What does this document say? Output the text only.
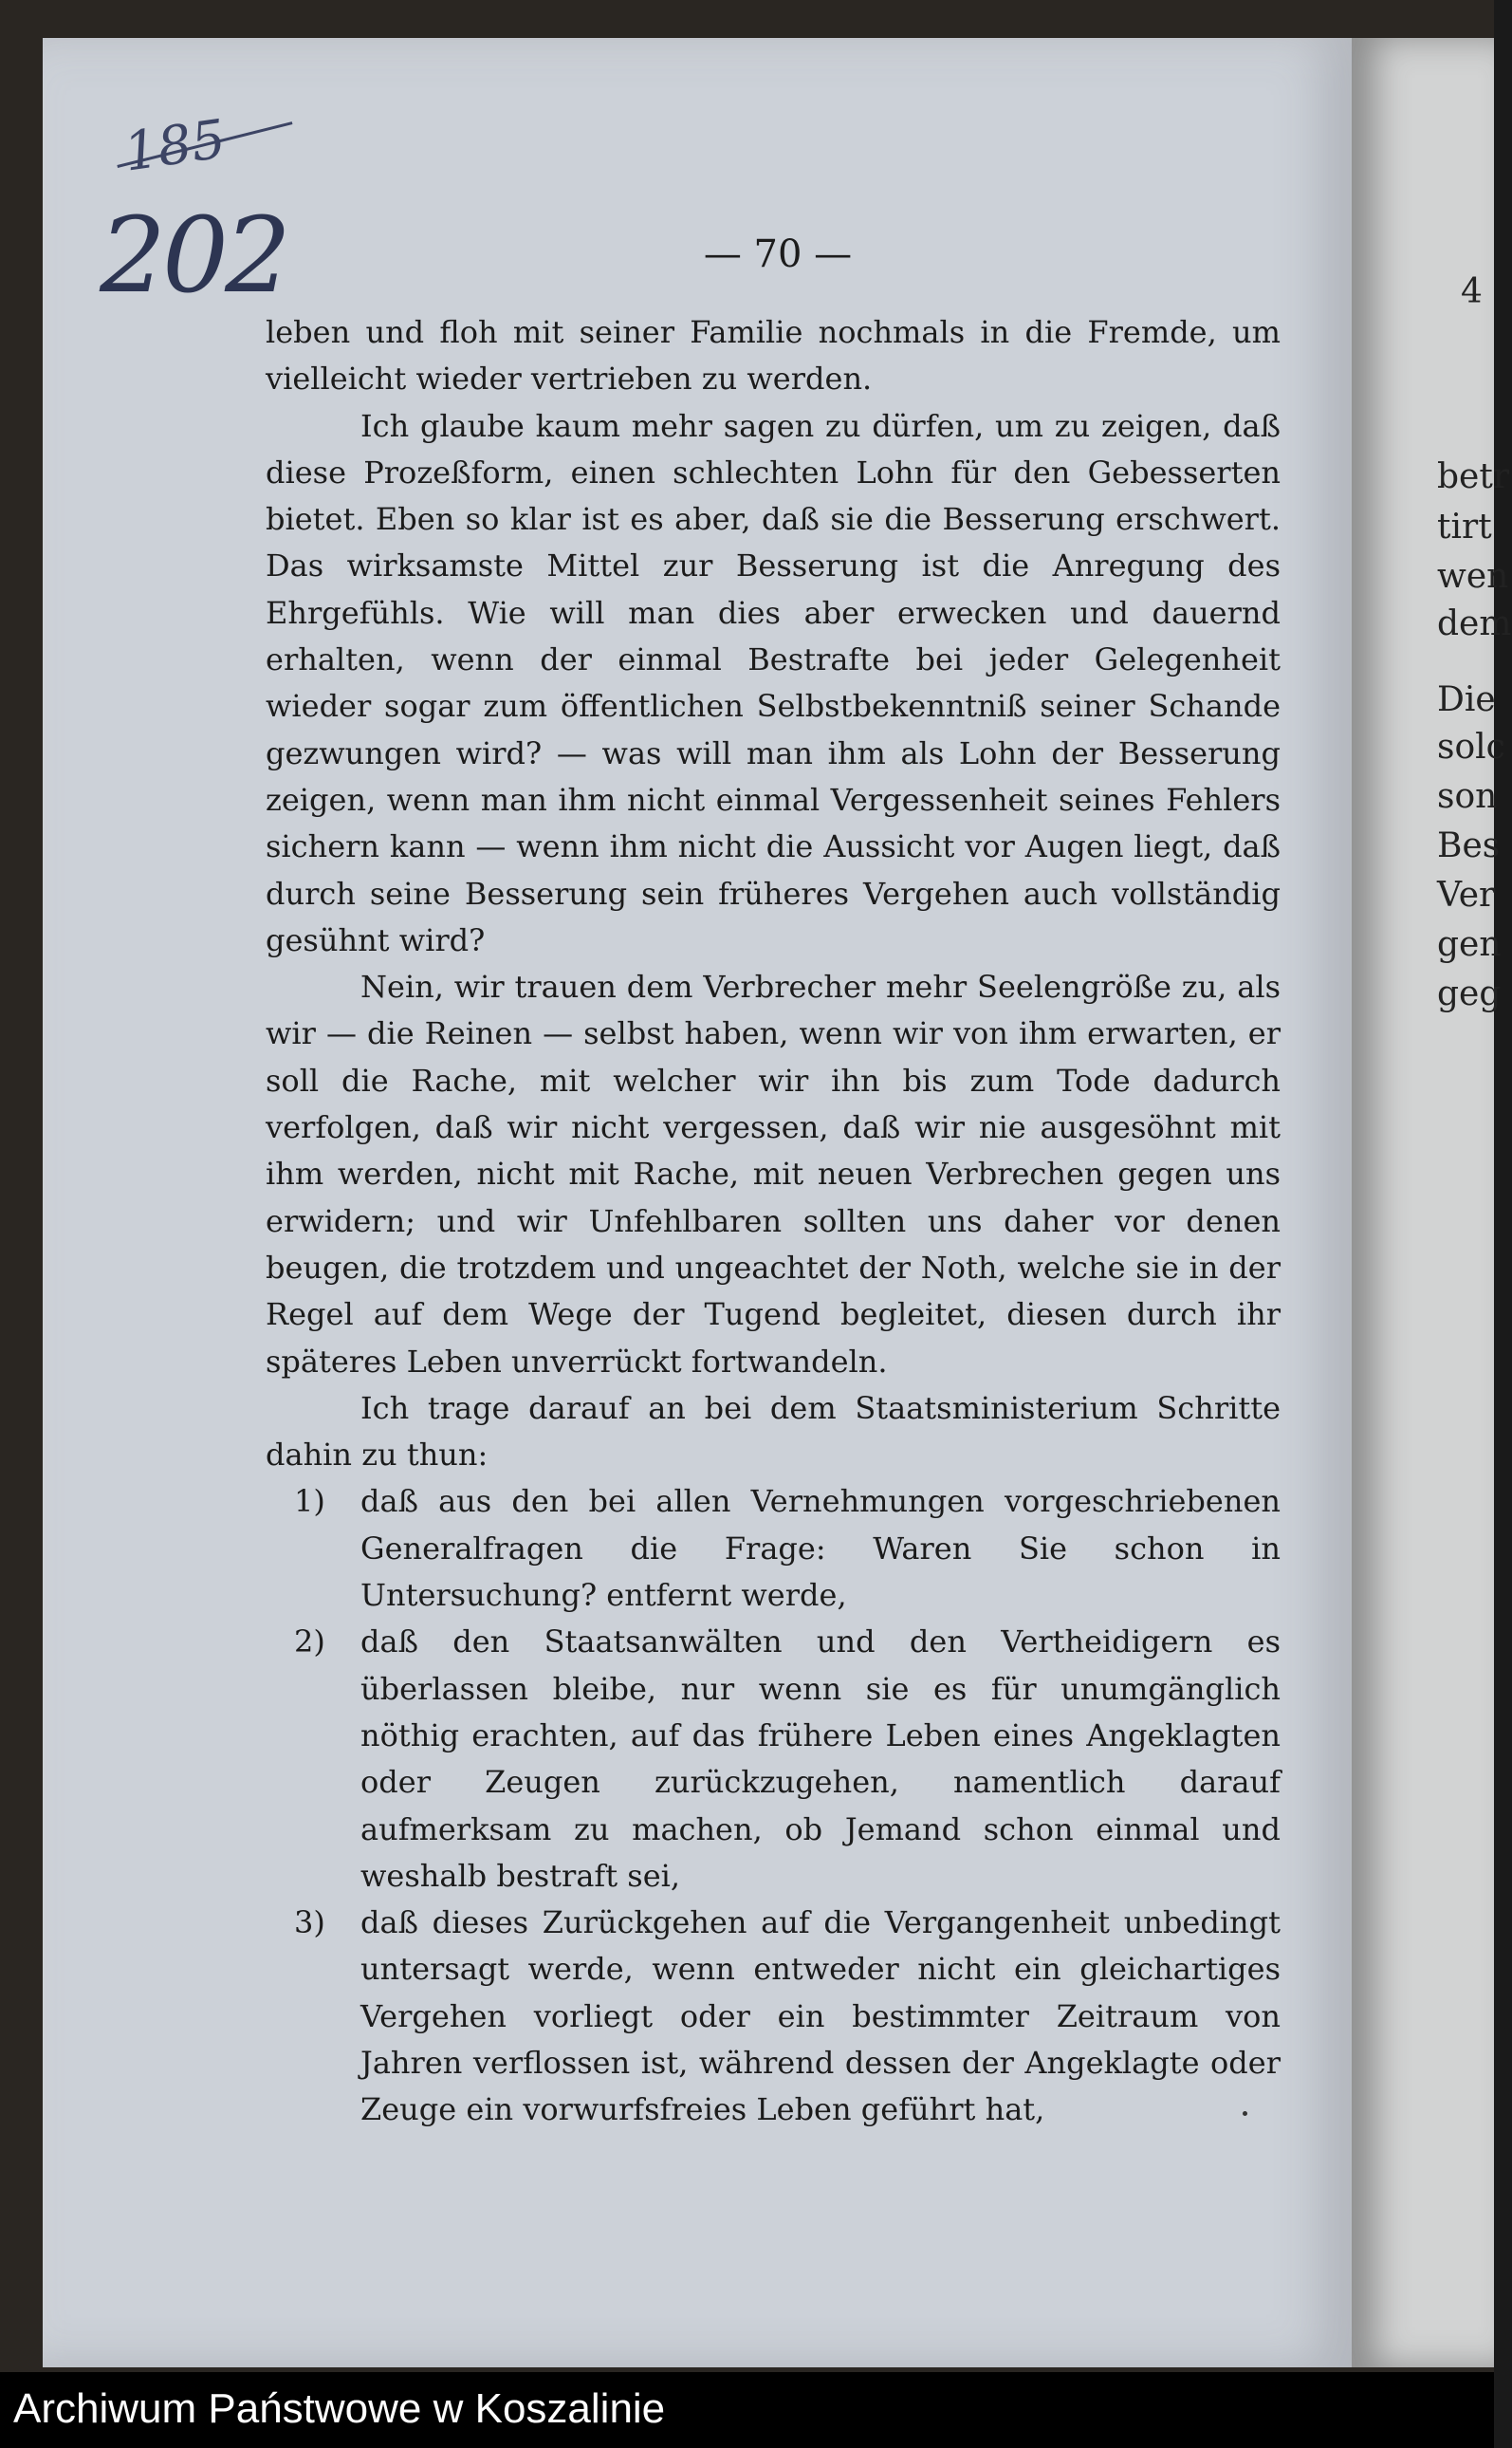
185
202	4
betr
tirt
wen
dem
Die
solc
son
Bes
Ver
gen
geg
— 70 —

leben und floh mit seiner Familie nochmals in die Fremde, um vielleicht wieder vertrieben zu werden.

Ich glaube kaum mehr sagen zu dürfen, um zu zeigen, daß diese Prozeßform, einen schlechten Lohn für den Gebesserten bietet. Eben so klar ist es aber, daß sie die Besserung erschwert. Das wirksamste Mittel zur Besserung ist die Anregung des Ehrgefühls. Wie will man dies aber erwecken und dauernd erhalten, wenn der einmal Bestrafte bei jeder Gelegenheit wieder sogar zum öffentlichen Selbstbekenntniß seiner Schande gezwungen wird? — was will man ihm als Lohn der Besserung zeigen, wenn man ihm nicht einmal Vergessenheit seines Fehlers sichern kann — wenn ihm nicht die Aussicht vor Augen liegt, daß durch seine Besserung sein früheres Vergehen auch vollständig gesühnt wird?

Nein, wir trauen dem Verbrecher mehr Seelengröße zu, als wir — die Reinen — selbst haben, wenn wir von ihm erwarten, er soll die Rache, mit welcher wir ihn bis zum Tode dadurch verfolgen, daß wir nicht vergessen, daß wir nie ausgesöhnt mit ihm werden, nicht mit Rache, mit neuen Verbrechen gegen uns erwidern; und wir Unfehlbaren sollten uns daher vor denen beugen, die trotzdem und ungeachtet der Noth, welche sie in der Regel auf dem Wege der Tugend begleitet, diesen durch ihr späteres Leben unverrückt fortwandeln.

Ich trage darauf an bei dem Staatsministerium Schritte dahin zu thun:

1) daß aus den bei allen Vernehmungen vorgeschriebenen Generalfragen die Frage: Waren Sie schon in Untersuchung? entfernt werde,
2) daß den Staatsanwälten und den Vertheidigern es überlassen bleibe, nur wenn sie es für unumgänglich nöthig erachten, auf das frühere Leben eines Angeklagten oder Zeugen zurückzugehen, namentlich darauf aufmerksam zu machen, ob Jemand schon einmal und weshalb bestraft sei,
3) daß dieses Zurückgehen auf die Vergangenheit unbedingt untersagt werde, wenn entweder nicht ein gleichartiges Vergehen vorliegt oder ein bestimmter Zeitraum von Jahren verflossen ist, während dessen der Angeklagte oder Zeuge ein vorwurfsfreies Leben geführt hat,
Archiwum Państwowe w Koszalinie
